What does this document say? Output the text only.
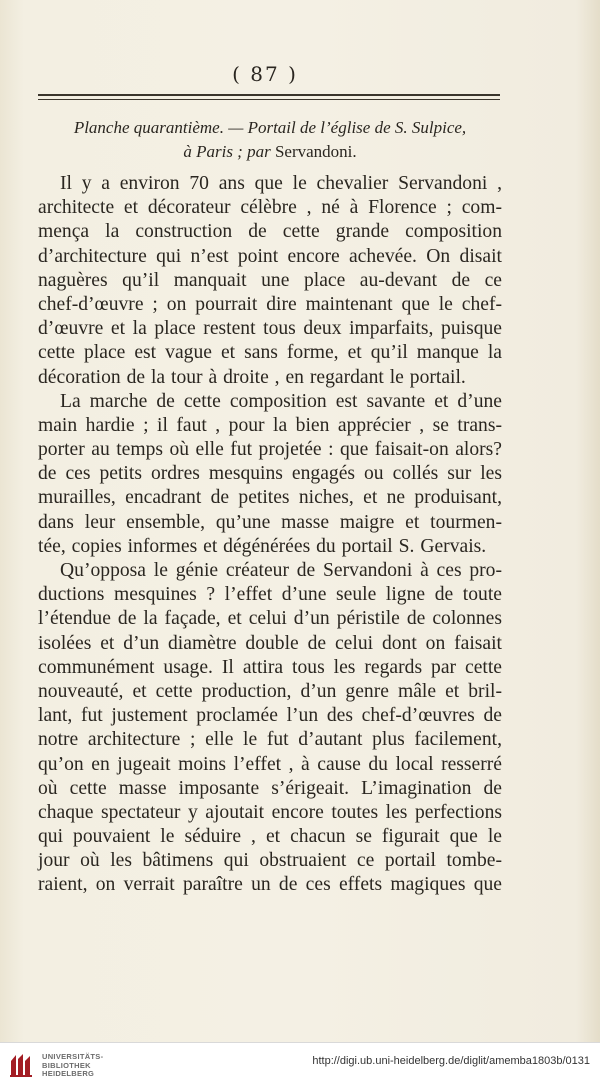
( 87 )
Planche quarantième. — Portail de l’église de S. Sulpice,
à Paris ; par Servandoni.
Il y a environ 70 ans que le chevalier Servandoni ,
architecte et décorateur célèbre , né à Florence ; com-
mença la construction de cette grande composition
d’architecture qui n’est point encore achevée. On disait
naguères qu’il manquait une place au-devant de ce
chef-d’œuvre ; on pourrait dire maintenant que le chef-
d’œuvre et la place restent tous deux imparfaits, puisque
cette place est vague et sans forme, et qu’il manque la
décoration de la tour à droite , en regardant le portail.
La marche de cette composition est savante et d’une
main hardie ; il faut , pour la bien apprécier , se trans-
porter au temps où elle fut projetée : que faisait-on alors?
de ces petits ordres mesquins engagés ou collés sur les
murailles, encadrant de petites niches, et ne produisant,
dans leur ensemble, qu’une masse maigre et tourmen-
tée, copies informes et dégénérées du portail S. Gervais.
Qu’opposa le génie créateur de Servandoni à ces pro-
ductions mesquines ? l’effet d’une seule ligne de toute
l’étendue de la façade, et celui d’un péristile de colonnes
isolées et d’un diamètre double de celui dont on faisait
communément usage. Il attira tous les regards par cette
nouveauté, et cette production, d’un genre mâle et bril-
lant, fut justement proclamée l’un des chef-d’œuvres de
notre architecture ; elle le fut d’autant plus facilement,
qu’on en jugeait moins l’effet , à cause du local resserré
où cette masse imposante s’érigeait. L’imagination de
chaque spectateur y ajoutait encore toutes les perfections
qui pouvaient le séduire , et chacun se figurait que le
jour où les bâtimens qui obstruaient ce portail tombe-
raient, on verrait paraître un de ces effets magiques que
UNIVERSITÄTS-
BIBLIOTHEK
HEIDELBERG
http://digi.ub.uni-heidelberg.de/diglit/amemba1803b/0131
